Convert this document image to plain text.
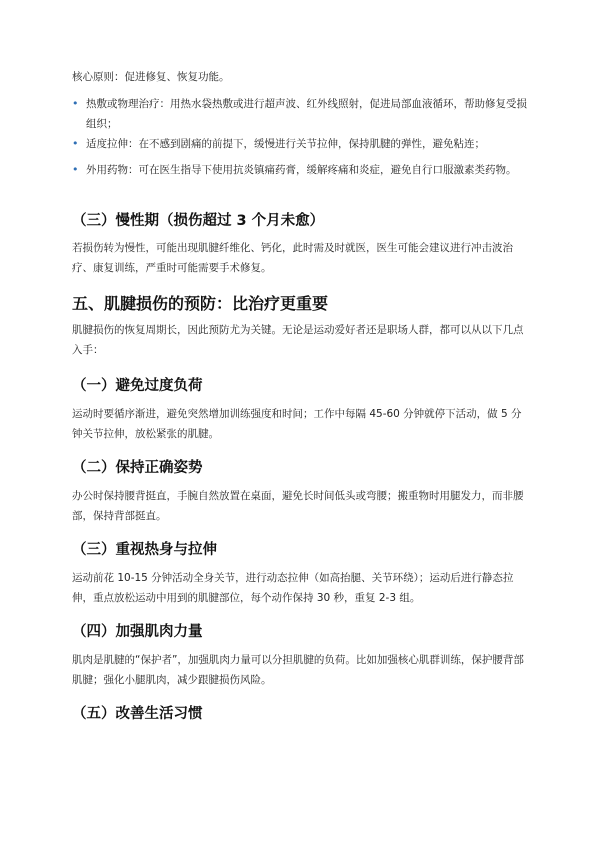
核心原则：促进修复、恢复功能。

• 热敷或物理治疗：用热水袋热敷或进行超声波、红外线照射，促进局部血液循环，帮助修复受损组织；
• 适度拉伸：在不感到剧痛的前提下，缓慢进行关节拉伸，保持肌腱的弹性，避免粘连；
• 外用药物：可在医生指导下使用抗炎镇痛药膏，缓解疼痛和炎症，避免自行口服激素类药物。
（三）慢性期（损伤超过 3 个月未愈）

若损伤转为慢性，可能出现肌腱纤维化、钙化，此时需及时就医，医生可能会建议进行冲击波治疗、康复训练，严重时可能需要手术修复。

五、肌腱损伤的预防：比治疗更重要

肌腱损伤的恢复周期长，因此预防尤为关键。无论是运动爱好者还是职场人群，都可以从以下几点入手：

（一）避免过度负荷

运动时要循序渐进，避免突然增加训练强度和时间；工作中每隔 45-60 分钟就停下活动，做 5 分钟关节拉伸，放松紧张的肌腱。

（二）保持正确姿势

办公时保持腰背挺直，手腕自然放置在桌面，避免长时间低头或弯腰；搬重物时用腿发力，而非腰部，保持背部挺直。

（三）重视热身与拉伸

运动前花 10-15 分钟活动全身关节，进行动态拉伸（如高抬腿、关节环绕）；运动后进行静态拉伸，重点放松运动中用到的肌腱部位，每个动作保持 30 秒，重复 2-3 组。

（四）加强肌肉力量

肌肉是肌腱的“保护者”，加强肌肉力量可以分担肌腱的负荷。比如加强核心肌群训练，保护腰背部肌腱；强化小腿肌肉，减少跟腱损伤风险。

（五）改善生活习惯
